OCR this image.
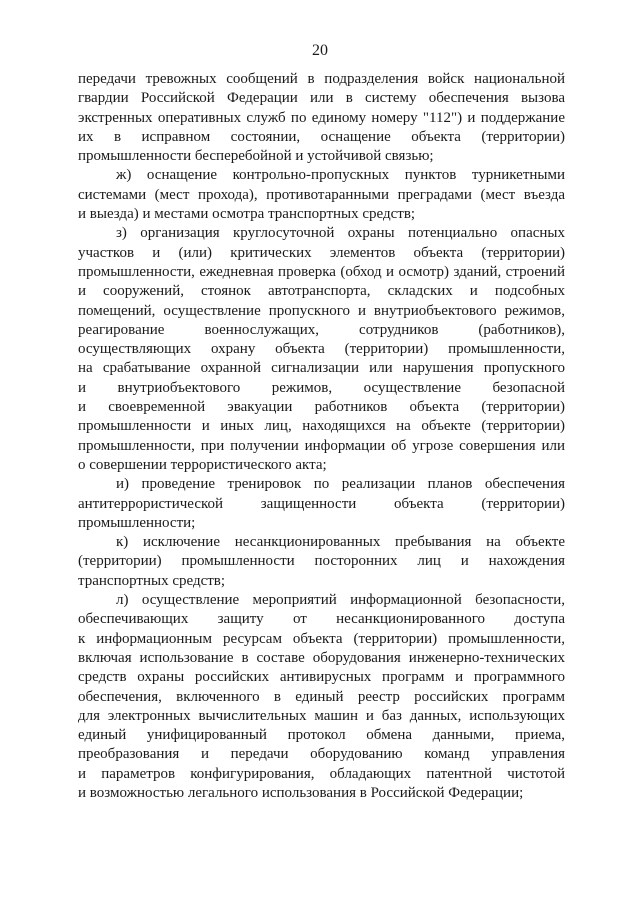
20
передачи тревожных сообщений в подразделения войск национальной
гвардии Российской Федерации или в систему обеспечения вызова
экстренных оперативных служб по единому номеру "112") и поддержание
их в исправном состоянии, оснащение объекта (территории)
промышленности бесперебойной и устойчивой связью;
ж) оснащение контрольно-пропускных пунктов турникетными
системами (мест прохода), противотаранными преградами (мест въезда
и выезда) и местами осмотра транспортных средств;
з) организация круглосуточной охраны потенциально опасных
участков и (или) критических элементов объекта (территории)
промышленности, ежедневная проверка (обход и осмотр) зданий, строений
и сооружений, стоянок автотранспорта, складских и подсобных
помещений, осуществление пропускного и внутриобъектового режимов,
реагирование военнослужащих, сотрудников (работников),
осуществляющих охрану объекта (территории) промышленности,
на срабатывание охранной сигнализации или нарушения пропускного
и внутриобъектового режимов, осуществление безопасной
и своевременной эвакуации работников объекта (территории)
промышленности и иных лиц, находящихся на объекте (территории)
промышленности, при получении информации об угрозе совершения или
о совершении террористического акта;
и) проведение тренировок по реализации планов обеспечения
антитеррористической защищенности объекта (территории)
промышленности;
к) исключение несанкционированных пребывания на объекте
(территории) промышленности посторонних лиц и нахождения
транспортных средств;
л) осуществление мероприятий информационной безопасности,
обеспечивающих защиту от несанкционированного доступа
к информационным ресурсам объекта (территории) промышленности,
включая использование в составе оборудования инженерно-технических
средств охраны российских антивирусных программ и программного
обеспечения, включенного в единый реестр российских программ
для электронных вычислительных машин и баз данных, использующих
единый унифицированный протокол обмена данными, приема,
преобразования и передачи оборудованию команд управления
и параметров конфигурирования, обладающих патентной чистотой
и возможностью легального использования в Российской Федерации;
